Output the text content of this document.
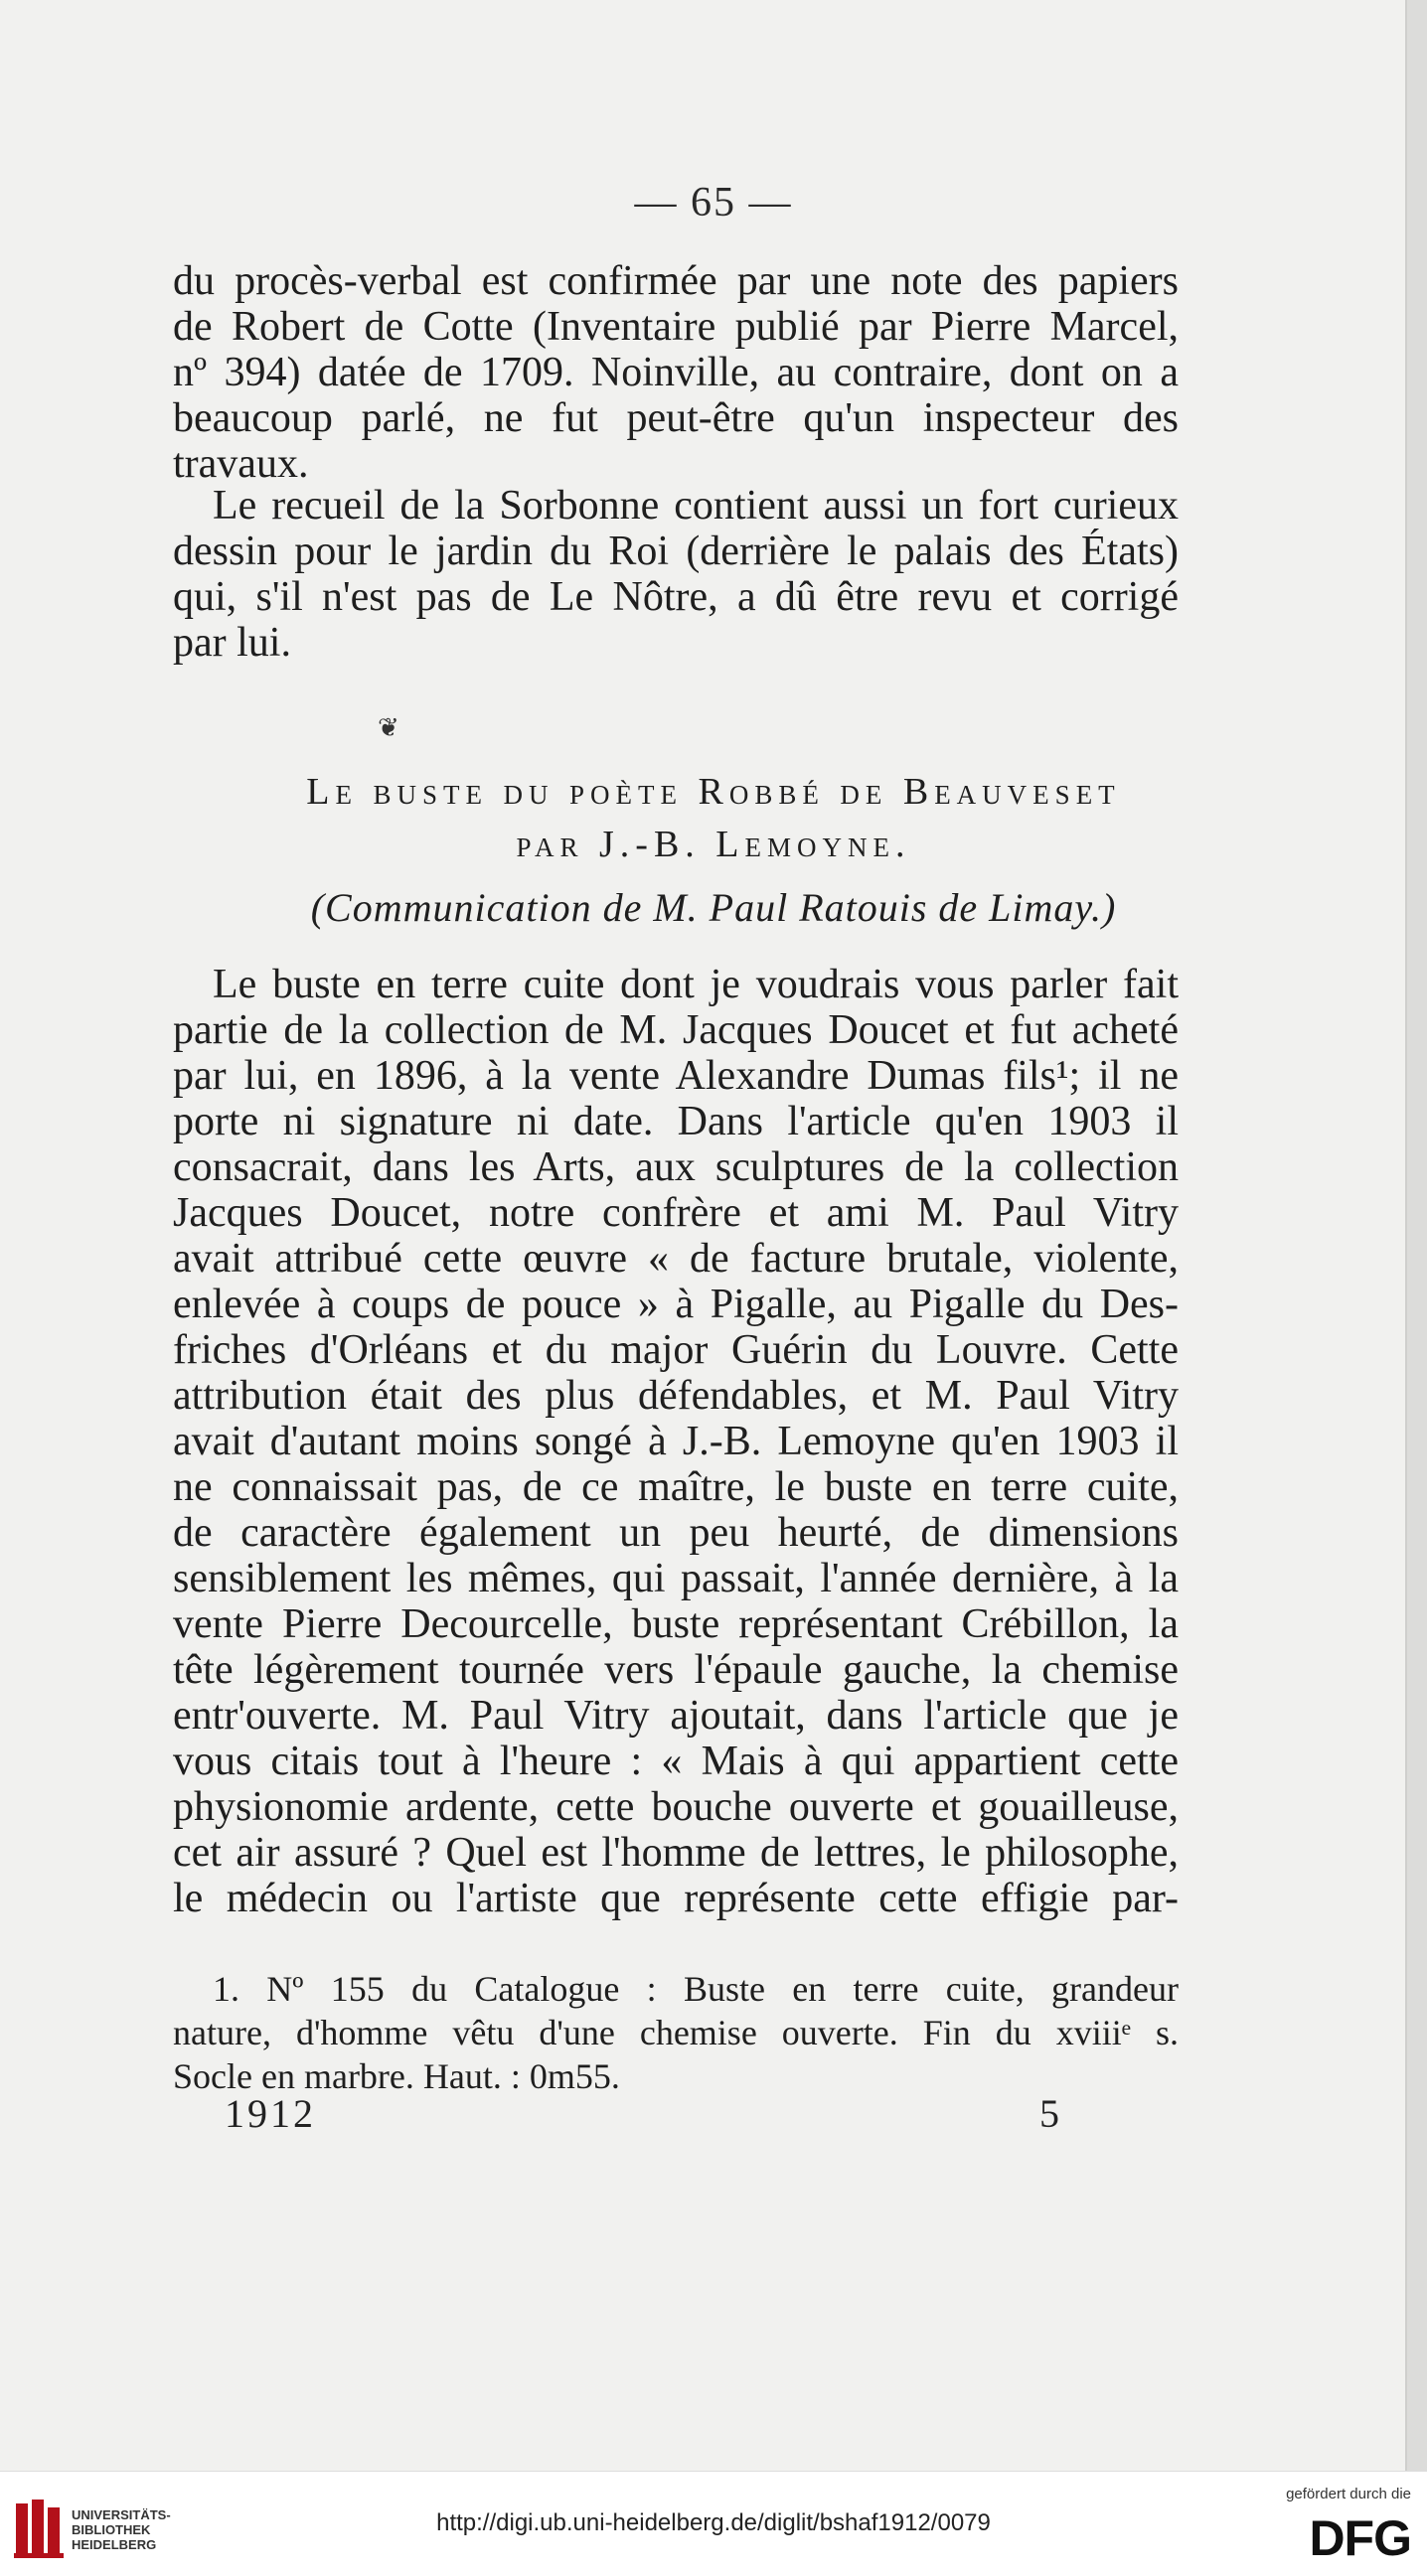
— 65 —
du procès-verbal est confirmée par une note des papiers
de Robert de Cotte (Inventaire publié par Pierre Marcel,
nº 394) datée de 1709. Noinville, au contraire, dont on a
beaucoup parlé, ne fut peut-être qu'un inspecteur des
travaux.
Le recueil de la Sorbonne contient aussi un fort curieux
dessin pour le jardin du Roi (derrière le palais des États)
qui, s'il n'est pas de Le Nôtre, a dû être revu et corrigé
par lui.
❦
Le buste du poète Robbé de Beauveset
par J.-B. Lemoyne.
(Communication de M. Paul Ratouis de Limay.)
Le buste en terre cuite dont je voudrais vous parler fait
partie de la collection de M. Jacques Doucet et fut acheté
par lui, en 1896, à la vente Alexandre Dumas fils¹; il ne
porte ni signature ni date. Dans l'article qu'en 1903 il
consacrait, dans les Arts, aux sculptures de la collection
Jacques Doucet, notre confrère et ami M. Paul Vitry
avait attribué cette œuvre « de facture brutale, violente,
enlevée à coups de pouce » à Pigalle, au Pigalle du Des-
friches d'Orléans et du major Guérin du Louvre. Cette
attribution était des plus défendables, et M. Paul Vitry
avait d'autant moins songé à J.-B. Lemoyne qu'en 1903 il
ne connaissait pas, de ce maître, le buste en terre cuite,
de caractère également un peu heurté, de dimensions
sensiblement les mêmes, qui passait, l'année dernière, à la
vente Pierre Decourcelle, buste représentant Crébillon, la
tête légèrement tournée vers l'épaule gauche, la chemise
entr'ouverte. M. Paul Vitry ajoutait, dans l'article que je
vous citais tout à l'heure : « Mais à qui appartient cette
physionomie ardente, cette bouche ouverte et gouailleuse,
cet air assuré ? Quel est l'homme de lettres, le philosophe,
le médecin ou l'artiste que représente cette effigie par-
1. Nº 155 du Catalogue : Buste en terre cuite, grandeur
nature, d'homme vêtu d'une chemise ouverte. Fin du xviiiᵉ s.
Socle en marbre. Haut. : 0m55.
1912	5
UNIVERSITÄTS-
BIBLIOTHEK
HEIDELBERG
http://digi.ub.uni-heidelberg.de/diglit/bshaf1912/0079
gefördert durch die
DFG
